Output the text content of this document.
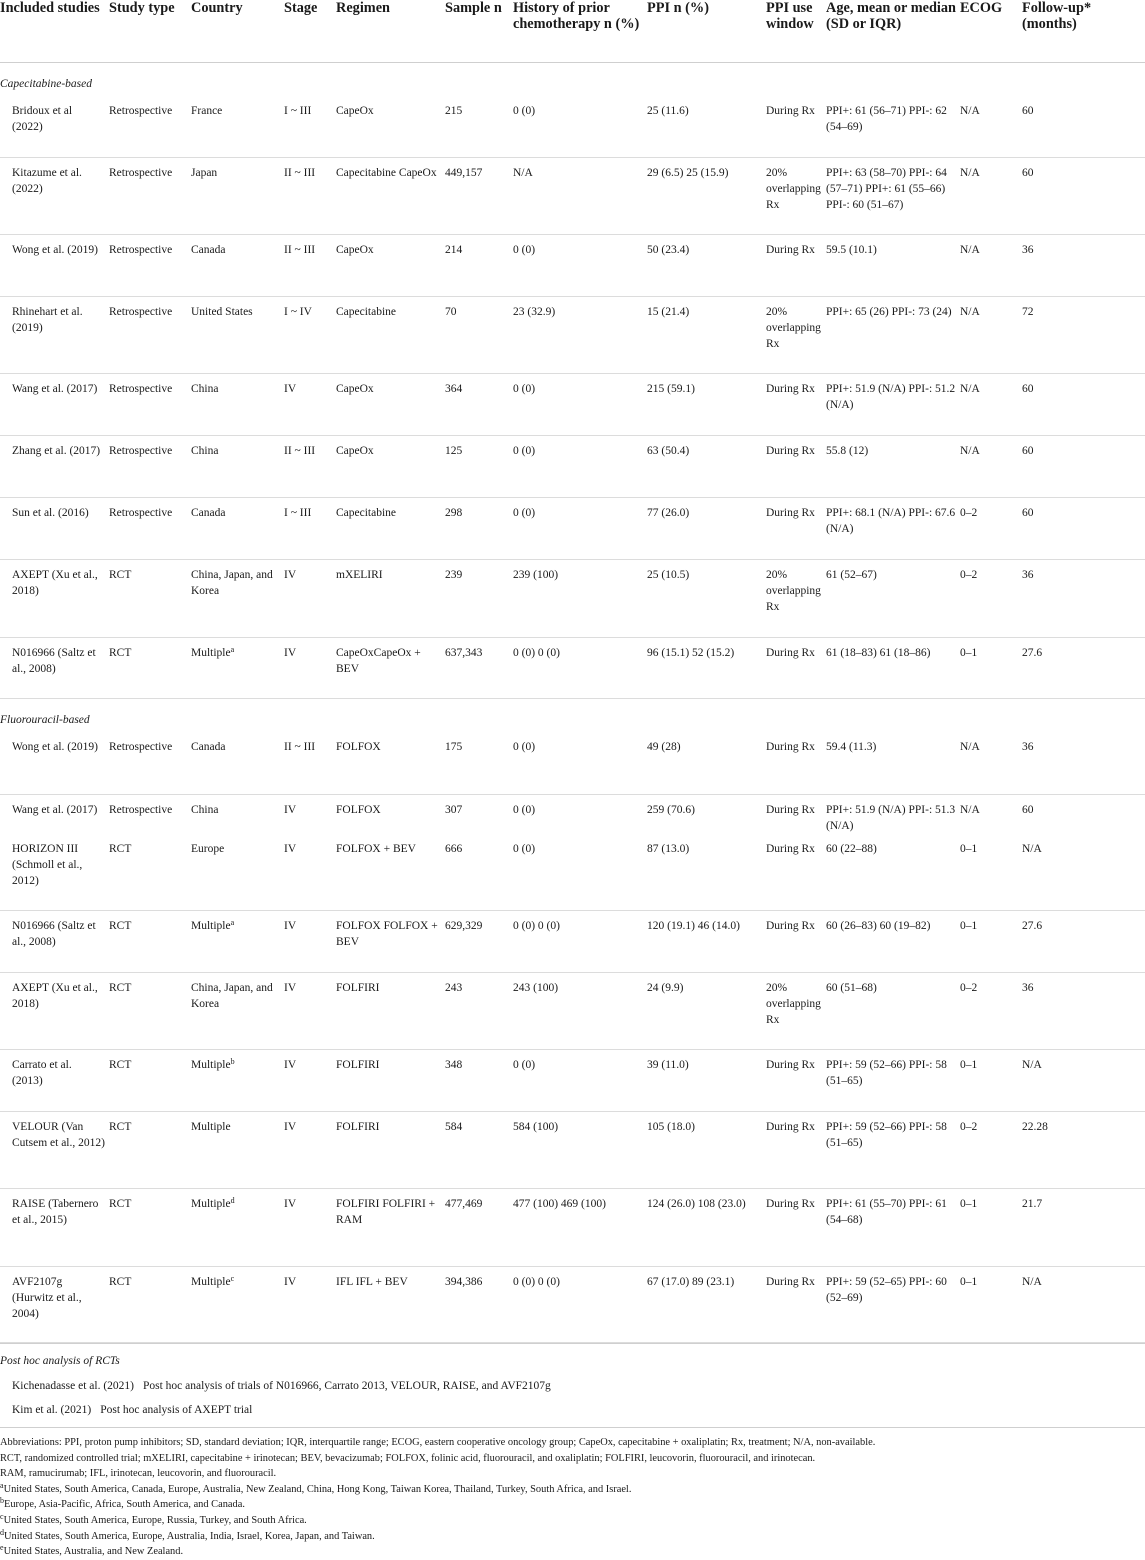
Included studies	Study type	Country	Stage	Regimen	Sample n	History of prior chemotherapy n (%)	PPI n (%)	PPI use window	Age, mean or median (SD or IQR)	ECOG	Follow-up* (months)

Capecitabine-based											
Bridoux et al (2022)	Retrospective	France	I ~ III	CapeOx	215	0 (0)	25 (11.6)	During Rx	PPI+: 61 (56–71) PPI-: 62 (54–69)	N/A	60
Kitazume et al. (2022)	Retrospective	Japan	II ~ III	Capecitabine CapeOx	449,157	N/A	29 (6.5) 25 (15.9)	20% overlapping Rx	PPI+: 63 (58–70) PPI-: 64 (57–71) PPI+: 61 (55–66) PPI-: 60 (51–67)	N/A	60
Wong et al. (2019)	Retrospective	Canada	II ~ III	CapeOx	214	0 (0)	50 (23.4)	During Rx	59.5 (10.1)	N/A	36
Rhinehart et al. (2019)	Retrospective	United States	I ~ IV	Capecitabine	70	23 (32.9)	15 (21.4)	20% overlapping Rx	PPI+: 65 (26) PPI-: 73 (24)	N/A	72
Wang et al. (2017)	Retrospective	China	IV	CapeOx	364	0 (0)	215 (59.1)	During Rx	PPI+: 51.9 (N/A) PPI-: 51.2 (N/A)	N/A	60
Zhang et al. (2017)	Retrospective	China	II ~ III	CapeOx	125	0 (0)	63 (50.4)	During Rx	55.8 (12)	N/A	60
Sun et al. (2016)	Retrospective	Canada	I ~ III	Capecitabine	298	0 (0)	77 (26.0)	During Rx	PPI+: 68.1 (N/A) PPI-: 67.6 (N/A)	0–2	60
AXEPT (Xu et al., 2018)	RCT	China, Japan, and Korea	IV	mXELIRI	239	239 (100)	25 (10.5)	20% overlapping Rx	61 (52–67)	0–2	36
N016966 (Saltz et al., 2008)	RCT	Multiple$^a$	IV	CapeOxCapeOx + BEV	637,343	0 (0) 0 (0)	96 (15.1) 52 (15.2)	During Rx	61 (18–83) 61 (18–86)	0–1	27.6
Fluorouracil-based											
Wong et al. (2019)	Retrospective	Canada	II ~ III	FOLFOX	175	0 (0)	49 (28)	During Rx	59.4 (11.3)	N/A	36
Wang et al. (2017)	Retrospective	China	IV	FOLFOX	307	0 (0)	259 (70.6)	During Rx	PPI+: 51.9 (N/A) PPI-: 51.3 (N/A)	N/A	60
HORIZON III (Schmoll et al., 2012)	RCT	Europe	IV	FOLFOX + BEV	666	0 (0)	87 (13.0)	During Rx	60 (22–88)	0–1	N/A
N016966 (Saltz et al., 2008)	RCT	Multiple$^a$	IV	FOLFOX FOLFOX + BEV	629,329	0 (0) 0 (0)	120 (19.1) 46 (14.0)	During Rx	60 (26–83) 60 (19–82)	0–1	27.6
AXEPT (Xu et al., 2018)	RCT	China, Japan, and Korea	IV	FOLFIRI	243	243 (100)	24 (9.9)	20% overlapping Rx	60 (51–68)	0–2	36
Carrato et al. (2013)	RCT	Multiple$^b$	IV	FOLFIRI	348	0 (0)	39 (11.0)	During Rx	PPI+: 59 (52–66) PPI-: 58 (51–65)	0–1	N/A
VELOUR (Van Cutsem et al., 2012)	RCT	Multiple	IV	FOLFIRI	584	584 (100)	105 (18.0)	During Rx	PPI+: 59 (52–66) PPI-: 58 (51–65)	0–2	22.28
RAISE (Tabernero et al., 2015)	RCT	Multiple$^d$	IV	FOLFIRI FOLFIRI + RAM	477,469	477 (100) 469 (100)	124 (26.0) 108 (23.0)	During Rx	PPI+: 61 (55–70) PPI-: 61 (54–68)	0–1	21.7
AVF2107g (Hurwitz et al., 2004)	RCT	Multiple$^c$	IV	IFL IFL + BEV	394,386	0 (0) 0 (0)	67 (17.0) 89 (23.1)	During Rx	PPI+: 59 (52–65) PPI-: 60 (52–69)	0–1	N/A
Post hoc analysis of RCTs
Kichenadasse et al. (2021) Post hoc analysis of trials of N016966, Carrato 2013, VELOUR, RAISE, and AVF2107g
Kim et al. (2021) Post hoc analysis of AXEPT trial
Abbreviations: PPI, proton pump inhibitors; SD, standard deviation; IQR, interquartile range; ECOG, eastern cooperative oncology group; CapeOx, capecitabine + oxaliplatin; Rx, treatment; N/A, non-available.
RCT, randomized controlled trial; mXELIRI, capecitabine + irinotecan; BEV, bevacizumab; FOLFOX, folinic acid, fluorouracil, and oxaliplatin; FOLFIRI, leucovorin, fluorouracil, and irinotecan.
RAM, ramucirumab; IFL, irinotecan, leucovorin, and fluorouracil.
$^a$United States, South America, Canada, Europe, Australia, New Zealand, China, Hong Kong, Taiwan Korea, Thailand, Turkey, South Africa, and Israel.
$^b$Europe, Asia-Pacific, Africa, South America, and Canada.
$^c$United States, South America, Europe, Russia, Turkey, and South Africa.
$^d$United States, South America, Europe, Australia, India, Israel, Korea, Japan, and Taiwan.
$^e$United States, Australia, and New Zealand.
